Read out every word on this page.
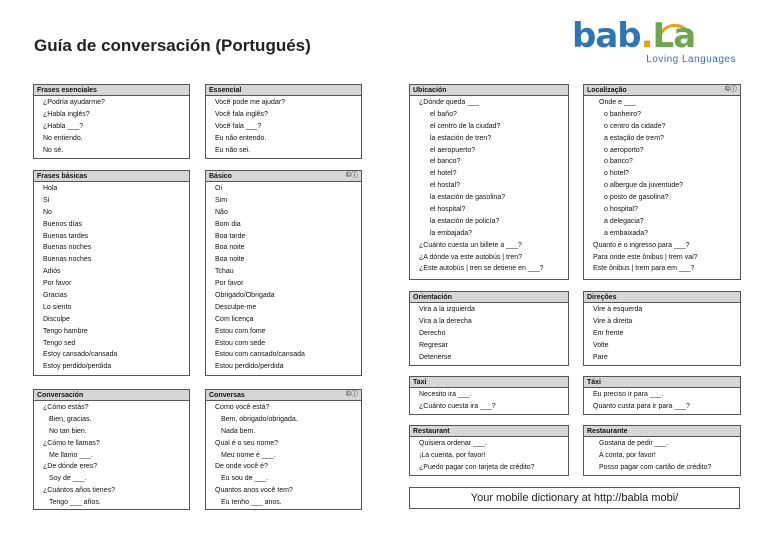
Guía de conversación (Portugués)	bab.La
Loving Languages
Frases esenciales
¿Podría ayudarme?
¿Habla inglés?
¿Habla ___?
No entiendo.
No sé.
Essencial
Você pode me ajudar?
Você fala inglês?
Você fala ___?
Eu não entendo.
Eu não sei.
Frases básicas
Hola
Sí
No
Buenos días
Buenas tardes
Buenas noches
Buenas noches
Adiós
Por favor
Gracias
Lo siento
Disculpe
Tengo hambre
Tengo sed
Estoy cansado/cansada
Estoy perdido/perdida
Básico	©ⓘ
Oi
Sim
Não
Bom dia
Boa tarde
Boa noite
Boa noite
Tchau
Por favor
Obrigado/Obrigada
Desculpe-me
Com licença
Estou com fome
Estou com sede
Estou com cansado/cansada
Estou perdido/perdida
Conversación
¿Cómo estás?
Bien, gracias.
No tan bien.
¿Cómo te llamas?
Me llamo ___.
¿De dónde eres?
Soy de ___.
¿Cuántos años tienes?
Tengo ___ años.
Conversas	©ⓘ
Como você está?
Bem, obrigado/obrigada.
Nada bem.
Qual é o seu nome?
Meu nome é ___.
De onde você é?
Eu sou de ___.
Quantos anos você tem?
Eu tenho ___ anos.
Ubicación
¿Dónde queda ___
el baño?
el centro de la ciudad?
la estación de tren?
el aeropuerto?
el banco?
el hotel?
el hostal?
la estación de gasolina?
el hospital?
la estación de policía?
la embajada?
¿Cuánto cuesta un billete a ___?
¿A dónde va este autobús | tren?
¿Este autobús | tren se detiene en ___?
Localização	©ⓘ
Onde e ___
o banheiro?
o centro da cidade?
a estação de trem?
o aeroporto?
o banco?
o hotel?
o albergue da juventude?
o posto de gasolina?
o hospital?
a delegacia?
a embaixada?
Quanto é o ingresso para ___?
Para onde este ônibus | trem vai?
Este ônibus | trem para em ___?
Orientación
Vira a la izquierda
Vira a la derecha
Derecho
Regresar
Detenerse
Direções
Vire à esquerda
Vire à direita
Em frente
Volte
Pare
Taxi
Necesito ira ___.
¿Cuánto cuesta ira ___?
Táxi
Eu preciso ir para ___.
Quanto custa para ir para ___?
Restaurant
Quisiera ordenar ___.
¡La cuenta, por favor!
¿Puedo pagar con tarjeta de crédito?
Restaurante
Gostaria de pedir ___.
A conta, por favor!
Posso pagar com cartão de crédito?
Your mobile dictionary at http://babla mobi/
